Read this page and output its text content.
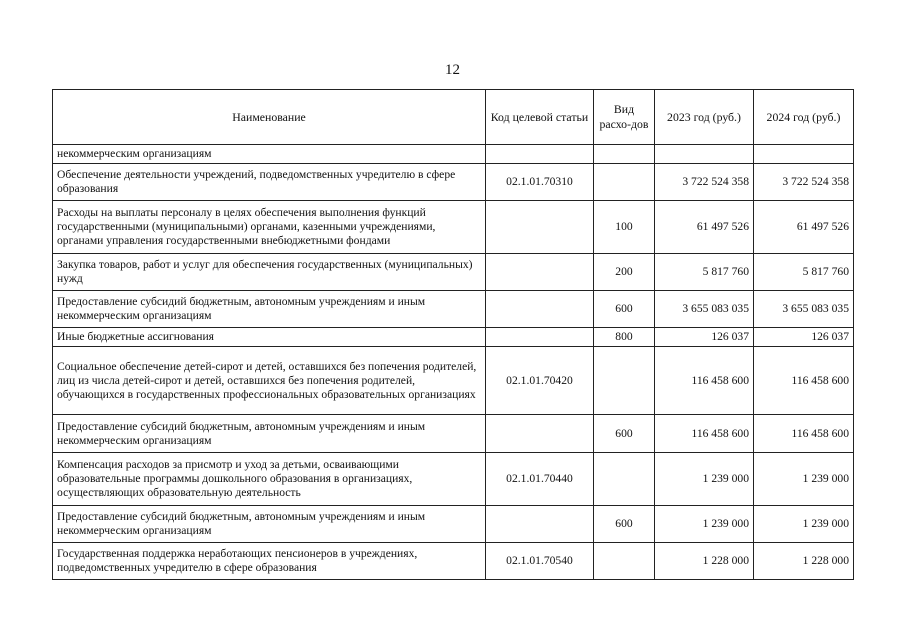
12
Наименование	Код целевой статьи	Вид расхо-дов	2023 год (руб.)	2024 год (руб.)
некоммерческим организациям				
Обеспечение деятельности учреждений, подведомственных учредителю в сфере образования	02.1.01.70310		3 722 524 358	3 722 524 358
Расходы на выплаты персоналу в целях обеспечения выполнения функций государственными (муниципальными) органами, казенными учреждениями, органами управления государственными внебюджетными фондами		100	61 497 526	61 497 526
Закупка товаров, работ и услуг для обеспечения государственных (муниципальных) нужд		200	5 817 760	5 817 760
Предоставление субсидий бюджетным, автономным учреждениям и иным некоммерческим организациям		600	3 655 083 035	3 655 083 035
Иные бюджетные ассигнования		800	126 037	126 037
Социальное обеспечение детей-сирот и детей, оставшихся без попечения родителей, лиц из числа детей-сирот и детей, оставшихся без попечения родителей, обучающихся в государственных профессиональных образовательных организациях	02.1.01.70420		116 458 600	116 458 600
Предоставление субсидий бюджетным, автономным учреждениям и иным некоммерческим организациям		600	116 458 600	116 458 600
Компенсация расходов за присмотр и уход за детьми, осваивающими образовательные программы дошкольного образования в организациях, осуществляющих образовательную деятельность	02.1.01.70440		1 239 000	1 239 000
Предоставление субсидий бюджетным, автономным учреждениям и иным некоммерческим организациям		600	1 239 000	1 239 000
Государственная поддержка неработающих пенсионеров в учреждениях, подведомственных учредителю в сфере образования	02.1.01.70540		1 228 000	1 228 000
